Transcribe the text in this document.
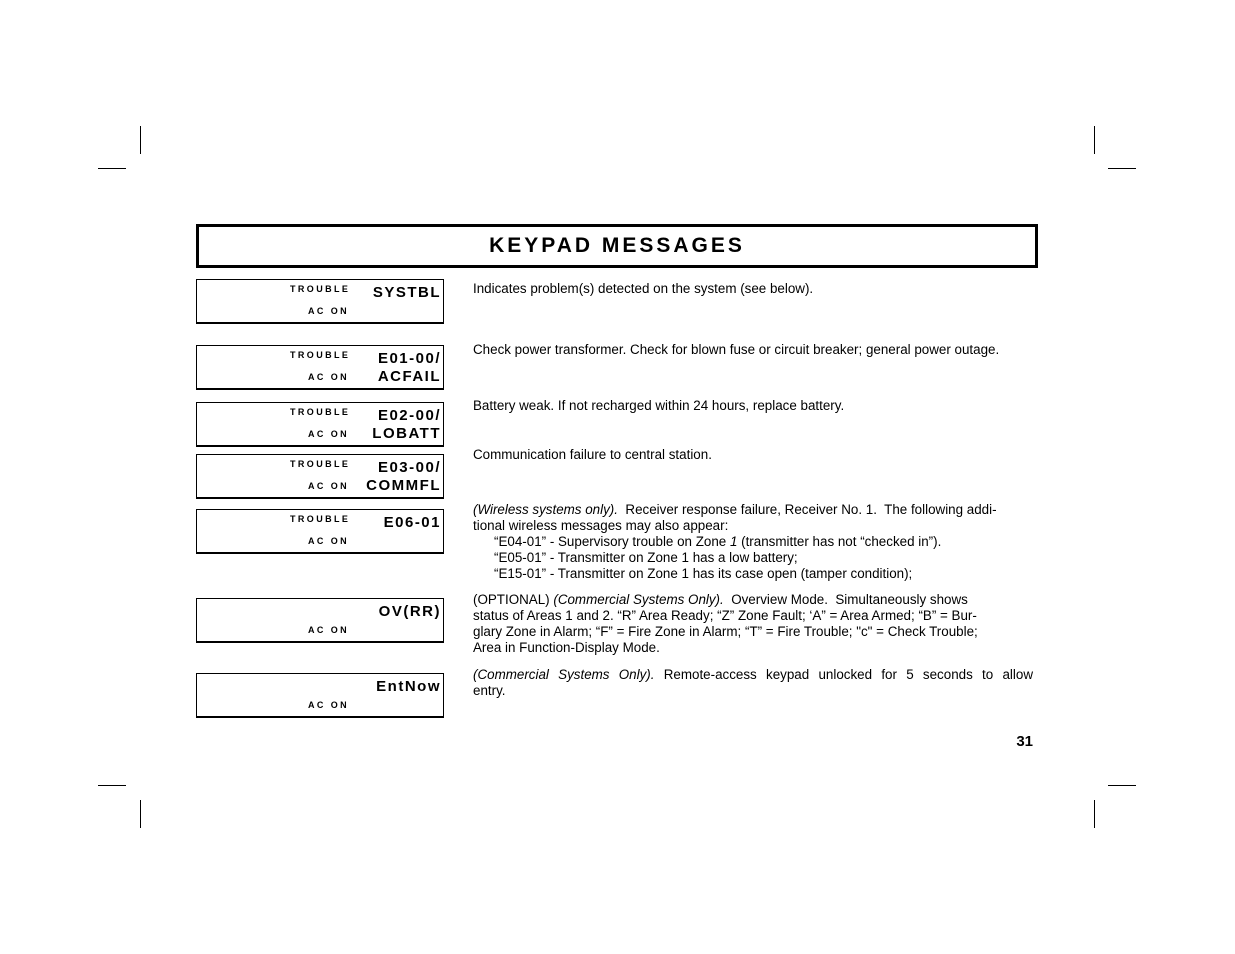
KEYPAD MESSAGES
TROUBLE SYSTBL
AC ON
Indicates problem(s) detected on the system (see below).
TROUBLE E01-00/
AC ON ACFAIL
Check power transformer. Check for blown fuse or circuit breaker; general power outage.
TROUBLE E02-00/
AC ON LOBATT
Battery weak. If not recharged within 24 hours, replace battery.
TROUBLE E03-00/
AC ON COMMFL
Communication failure to central station.
TROUBLE E06-01
AC ON
(Wireless systems only).  Receiver response failure, Receiver No. 1.  The following addi-
tional wireless messages may also appear:
“E04-01” - Supervisory trouble on Zone 1 (transmitter has not “checked in”).
“E05-01” - Transmitter on Zone 1 has a low battery;
“E15-01” - Transmitter on Zone 1 has its case open (tamper condition);
OV(RR)
AC ON
(OPTIONAL) (Commercial Systems Only).  Overview Mode.  Simultaneously shows
status of Areas 1 and 2. “R” Area Ready; “Z” Zone Fault; ‘A” = Area Armed; “B” = Bur-
glary Zone in Alarm; “F” = Fire Zone in Alarm; “T” = Fire Trouble; "c" = Check Trouble;
Area in Function-Display Mode.
EntNow
AC ON
(Commercial Systems Only). Remote-access keypad unlocked for 5 seconds to allow entry.
31
